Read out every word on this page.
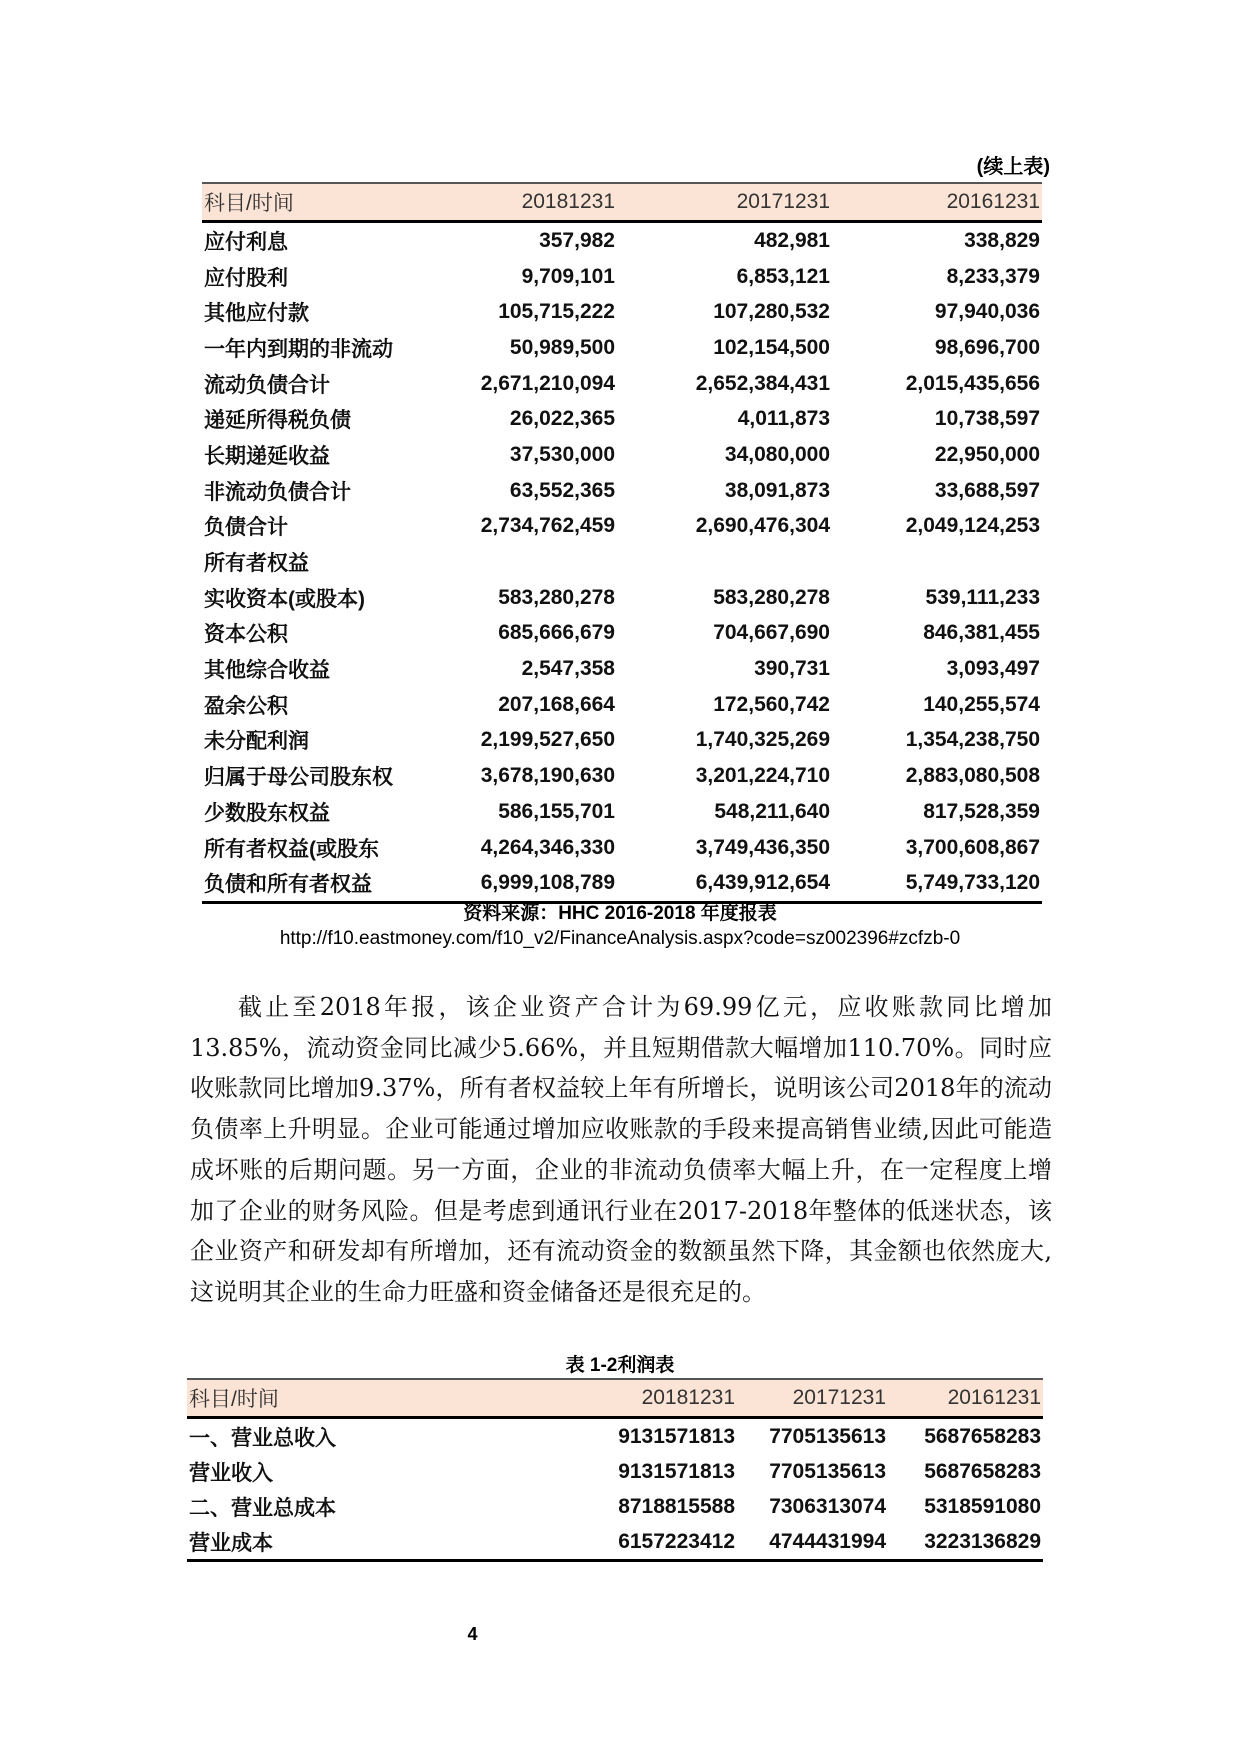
(续上表)
科目/时间	20181231	20171231	20161231
应付利息	357,982	482,981	338,829
应付股利	9,709,101	6,853,121	8,233,379
其他应付款	105,715,222	107,280,532	97,940,036
一年内到期的非流动	50,989,500	102,154,500	98,696,700
流动负债合计	2,671,210,094	2,652,384,431	2,015,435,656
递延所得税负债	26,022,365	4,011,873	10,738,597
长期递延收益	37,530,000	34,080,000	22,950,000
非流动负债合计	63,552,365	38,091,873	33,688,597
负债合计	2,734,762,459	2,690,476,304	2,049,124,253
所有者权益			
实收资本(或股本)	583,280,278	583,280,278	539,111,233
资本公积	685,666,679	704,667,690	846,381,455
其他综合收益	2,547,358	390,731	3,093,497
盈余公积	207,168,664	172,560,742	140,255,574
未分配利润	2,199,527,650	1,740,325,269	1,354,238,750
归属于母公司股东权	3,678,190,630	3,201,224,710	2,883,080,508
少数股东权益	586,155,701	548,211,640	817,528,359
所有者权益(或股东	4,264,346,330	3,749,436,350	3,700,608,867
负债和所有者权益	6,999,108,789	6,439,912,654	5,749,733,120
资料来源：HHC 2016-2018 年度报表
http://f10.eastmoney.com/f10_v2/FinanceAnalysis.aspx?code=sz002396#zcfzb-0

截止至2018年报，该企业资产合计为69.99亿元，应收账款同比增加13.85%，流动资金同比减少5.66%，并且短期借款大幅增加110.70%。同时应收账款同比增加9.37%，所有者权益较上年有所增长，说明该公司2018年的流动负债率上升明显。企业可能通过增加应收账款的手段来提高销售业绩,因此可能造成坏账的后期问题。另一方面，企业的非流动负债率大幅上升，在一定程度上增加了企业的财务风险。但是考虑到通讯行业在2017-2018年整体的低迷状态，该企业资产和研发却有所增加，还有流动资金的数额虽然下降，其金额也依然庞大,这说明其企业的生命力旺盛和资金储备还是很充足的。

表 1-2利润表
科目/时间	20181231	20171231	20161231
一、营业总收入	9131571813	7705135613	5687658283
营业收入	9131571813	7705135613	5687658283
二、营业总成本	8718815588	7306313074	5318591080
营业成本	6157223412	4744431994	3223136829
4
